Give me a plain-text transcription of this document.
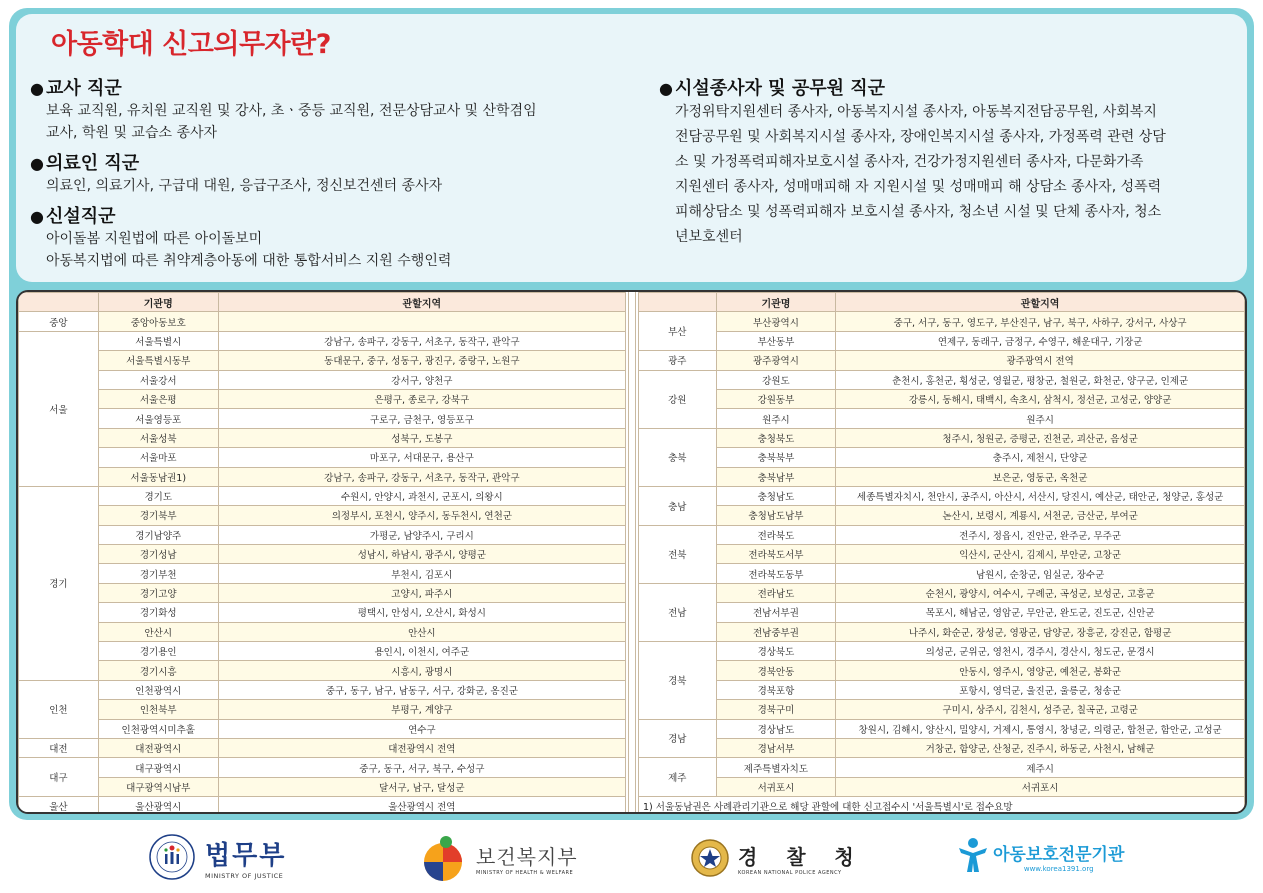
아동학대 신고의무자란?
● 교사 직군
보육 교직원, 유치원 교직원 및 강사, 초ㆍ중등 교직원, 전문상담교사 및 산학겸임
교사, 학원 및 교습소 종사자
● 의료인 직군
의료인, 의료기사, 구급대 대원, 응급구조사, 정신보건센터 종사자
● 신설직군
아이돌봄 지원법에 따른 아이돌보미
아동복지법에 따른 취약계층아동에 대한 통합서비스 지원 수행인력
● 시설종사자 및 공무원 직군
가정위탁지원센터 종사자, 아동복지시설 종사자, 아동복지전담공무원, 사회복지
전담공무원 및 사회복지시설 종사자, 장애인복지시설 종사자, 가정폭력 관련 상담
소 및 가정폭력피해자보호시설 종사자, 건강가정지원센터 종사자, 다문화가족
지원센터 종사자, 성매매피해 자 지원시설 및 성매매피 해 상담소 종사자, 성폭력
피해상담소 및 성폭력피해자 보호시설 종사자, 청소년 시설 및 단체 종사자, 청소
년보호센터
	기관명	관할지역
중앙	중앙아동보호	
서울	서울특별시	강남구, 송파구, 강동구, 서초구, 동작구, 관악구
	서울특별시동부	동대문구, 중구, 성동구, 광진구, 중랑구, 노원구
	서울강서	강서구, 양천구
	서울은평	은평구, 종로구, 강북구
	서울영등포	구로구, 금천구, 영등포구
	서울성북	성북구, 도봉구
	서울마포	마포구, 서대문구, 용산구
	서울동남권1)	강남구, 송파구, 강동구, 서초구, 동작구, 관악구
경기	경기도	수원시, 안양시, 과천시, 군포시, 의왕시
	경기북부	의정부시, 포천시, 양주시, 동두천시, 연천군
	경기남양주	가평군, 남양주시, 구리시
	경기성남	성남시, 하남시, 광주시, 양평군
	경기부천	부천시, 김포시
	경기고양	고양시, 파주시
	경기화성	평택시, 안성시, 오산시, 화성시
	안산시	안산시
	경기용인	용인시, 이천시, 여주군
	경기시흥	시흥시, 광명시
인천	인천광역시	중구, 동구, 남구, 남동구, 서구, 강화군, 옹진군
	인천북부	부평구, 계양구
	인천광역시미추홀	연수구
대전	대전광역시	대전광역시 전역
대구	대구광역시	중구, 동구, 서구, 북구, 수성구
	대구광역시남부	달서구, 남구, 달성군
울산	울산광역시	울산광역시 전역
	기관명	관할지역
부산	부산광역시	중구, 서구, 동구, 영도구, 부산진구, 남구, 북구, 사하구, 강서구, 사상구
	부산동부	연제구, 동래구, 금정구, 수영구, 해운대구, 기장군
광주	광주광역시	광주광역시 전역
강원	강원도	춘천시, 홍천군, 횡성군, 영월군, 평창군, 철원군, 화천군, 양구군, 인제군
	강원동부	강릉시, 동해시, 태백시, 속초시, 삼척시, 정선군, 고성군, 양양군
	원주시	원주시
충북	충청북도	청주시, 청원군, 증평군, 진천군, 괴산군, 음성군
	충북북부	충주시, 제천시, 단양군
	충북남부	보은군, 영동군, 옥천군
충남	충청남도	세종특별자치시, 천안시, 공주시, 아산시, 서산시, 당진시, 예산군, 태안군, 청양군, 홍성군
	충청남도남부	논산시, 보령시, 계룡시, 서천군, 금산군, 부여군
전북	전라북도	전주시, 정읍시, 진안군, 완주군, 무주군
	전라북도서부	익산시, 군산시, 김제시, 부안군, 고창군
	전라북도동부	남원시, 순창군, 임실군, 장수군
전남	전라남도	순천시, 광양시, 여수시, 구례군, 곡성군, 보성군, 고흥군
	전남서부권	목포시, 해남군, 영암군, 무안군, 완도군, 진도군, 신안군
	전남중부권	나주시, 화순군, 장성군, 영광군, 담양군, 장흥군, 강진군, 함평군
경북	경상북도	의성군, 군위군, 영천시, 경주시, 경산시, 청도군, 문경시
	경북안동	안동시, 영주시, 영양군, 예천군, 봉화군
	경북포항	포항시, 영덕군, 울진군, 울릉군, 청송군
	경북구미	구미시, 상주시, 김천시, 성주군, 칠곡군, 고령군
경남	경상남도	창원시, 김해시, 양산시, 밀양시, 거제시, 통영시, 창녕군, 의령군, 합천군, 함안군, 고성군
	경남서부	거창군, 함양군, 산청군, 진주시, 하동군, 사천시, 남해군
제주	제주특별자치도	제주시
	서귀포시	서귀포시
1) 서울동남권은 사례관리기관으로 해당 관할에 대한 신고접수시 '서울특별시'로 접수요망		
법무부
MINISTRY OF JUSTICE
보건복지부
MINISTRY OF HEALTH & WELFARE
경   찰   청
KOREAN NATIONAL POLICE AGENCY
아동보호전문기관
www.korea1391.org
